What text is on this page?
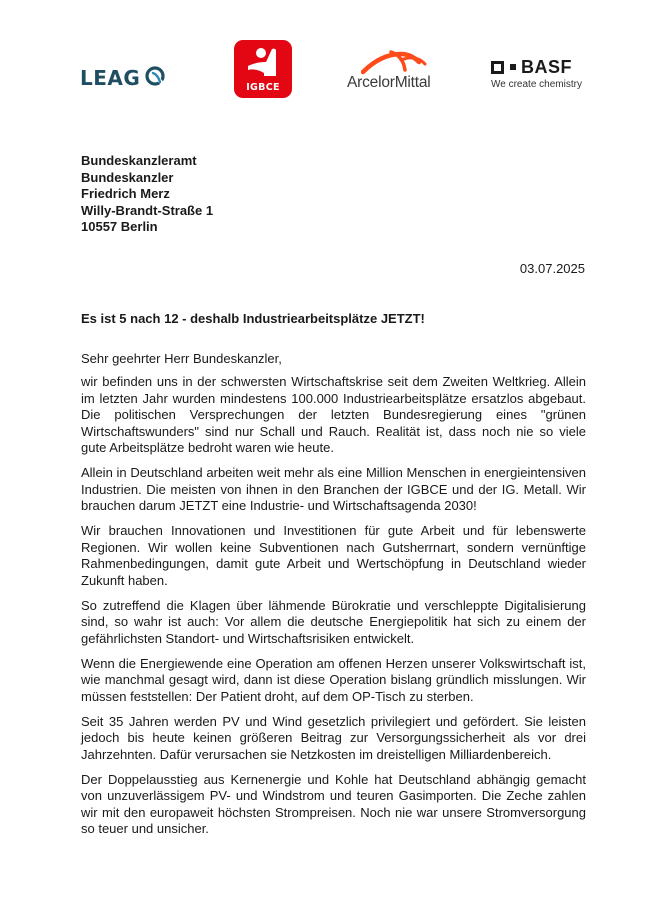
LEAG	IGBCE	ArcelorMittal
BASF
We create chemistry
Bundeskanzleramt
Bundeskanzler
Friedrich Merz
Willy-Brandt-Straße 1
10557 Berlin
03.07.2025
Es ist 5 nach 12 - deshalb Industriearbeitsplätze JETZT!
Sehr geehrter Herr Bundeskanzler,

wir befinden uns in der schwersten Wirtschaftskrise seit dem Zweiten Weltkrieg. Allein im letzten Jahr wurden mindestens 100.000 Industriearbeitsplätze ersatzlos abgebaut. Die politischen Versprechungen der letzten Bundesregierung eines "grünen Wirtschaftswunders" sind nur Schall und Rauch. Realität ist, dass noch nie so viele gute Arbeitsplätze bedroht waren wie heute.

Allein in Deutschland arbeiten weit mehr als eine Million Menschen in energieintensiven Industrien. Die meisten von ihnen in den Branchen der IGBCE und der IG. Metall. Wir brauchen darum JETZT eine Industrie- und Wirtschaftsagenda 2030!

Wir brauchen Innovationen und Investitionen für gute Arbeit und für lebenswerte Regionen. Wir wollen keine Subventionen nach Gutsherrnart, sondern vernünftige Rahmenbedingungen, damit gute Arbeit und Wertschöpfung in Deutschland wieder Zukunft haben.

So zutreffend die Klagen über lähmende Bürokratie und verschleppte Digitalisierung sind, so wahr ist auch: Vor allem die deutsche Energiepolitik hat sich zu einem der gefährlichsten Standort- und Wirtschaftsrisiken entwickelt.

Wenn die Energiewende eine Operation am offenen Herzen unserer Volkswirtschaft ist, wie manchmal gesagt wird, dann ist diese Operation bislang gründlich misslungen. Wir müssen feststellen: Der Patient droht, auf dem OP-Tisch zu sterben.

Seit 35 Jahren werden PV und Wind gesetzlich privilegiert und gefördert. Sie leisten jedoch bis heute keinen größeren Beitrag zur Versorgungssicherheit als vor drei Jahrzehnten. Dafür verursachen sie Netzkosten im dreistelligen Milliardenbereich.

Der Doppelausstieg aus Kernenergie und Kohle hat Deutschland abhängig gemacht von unzuverlässigem PV- und Windstrom und teuren Gasimporten. Die Zeche zahlen wir mit den europaweit höchsten Strompreisen. Noch nie war unsere Stromversorgung so teuer und unsicher.
